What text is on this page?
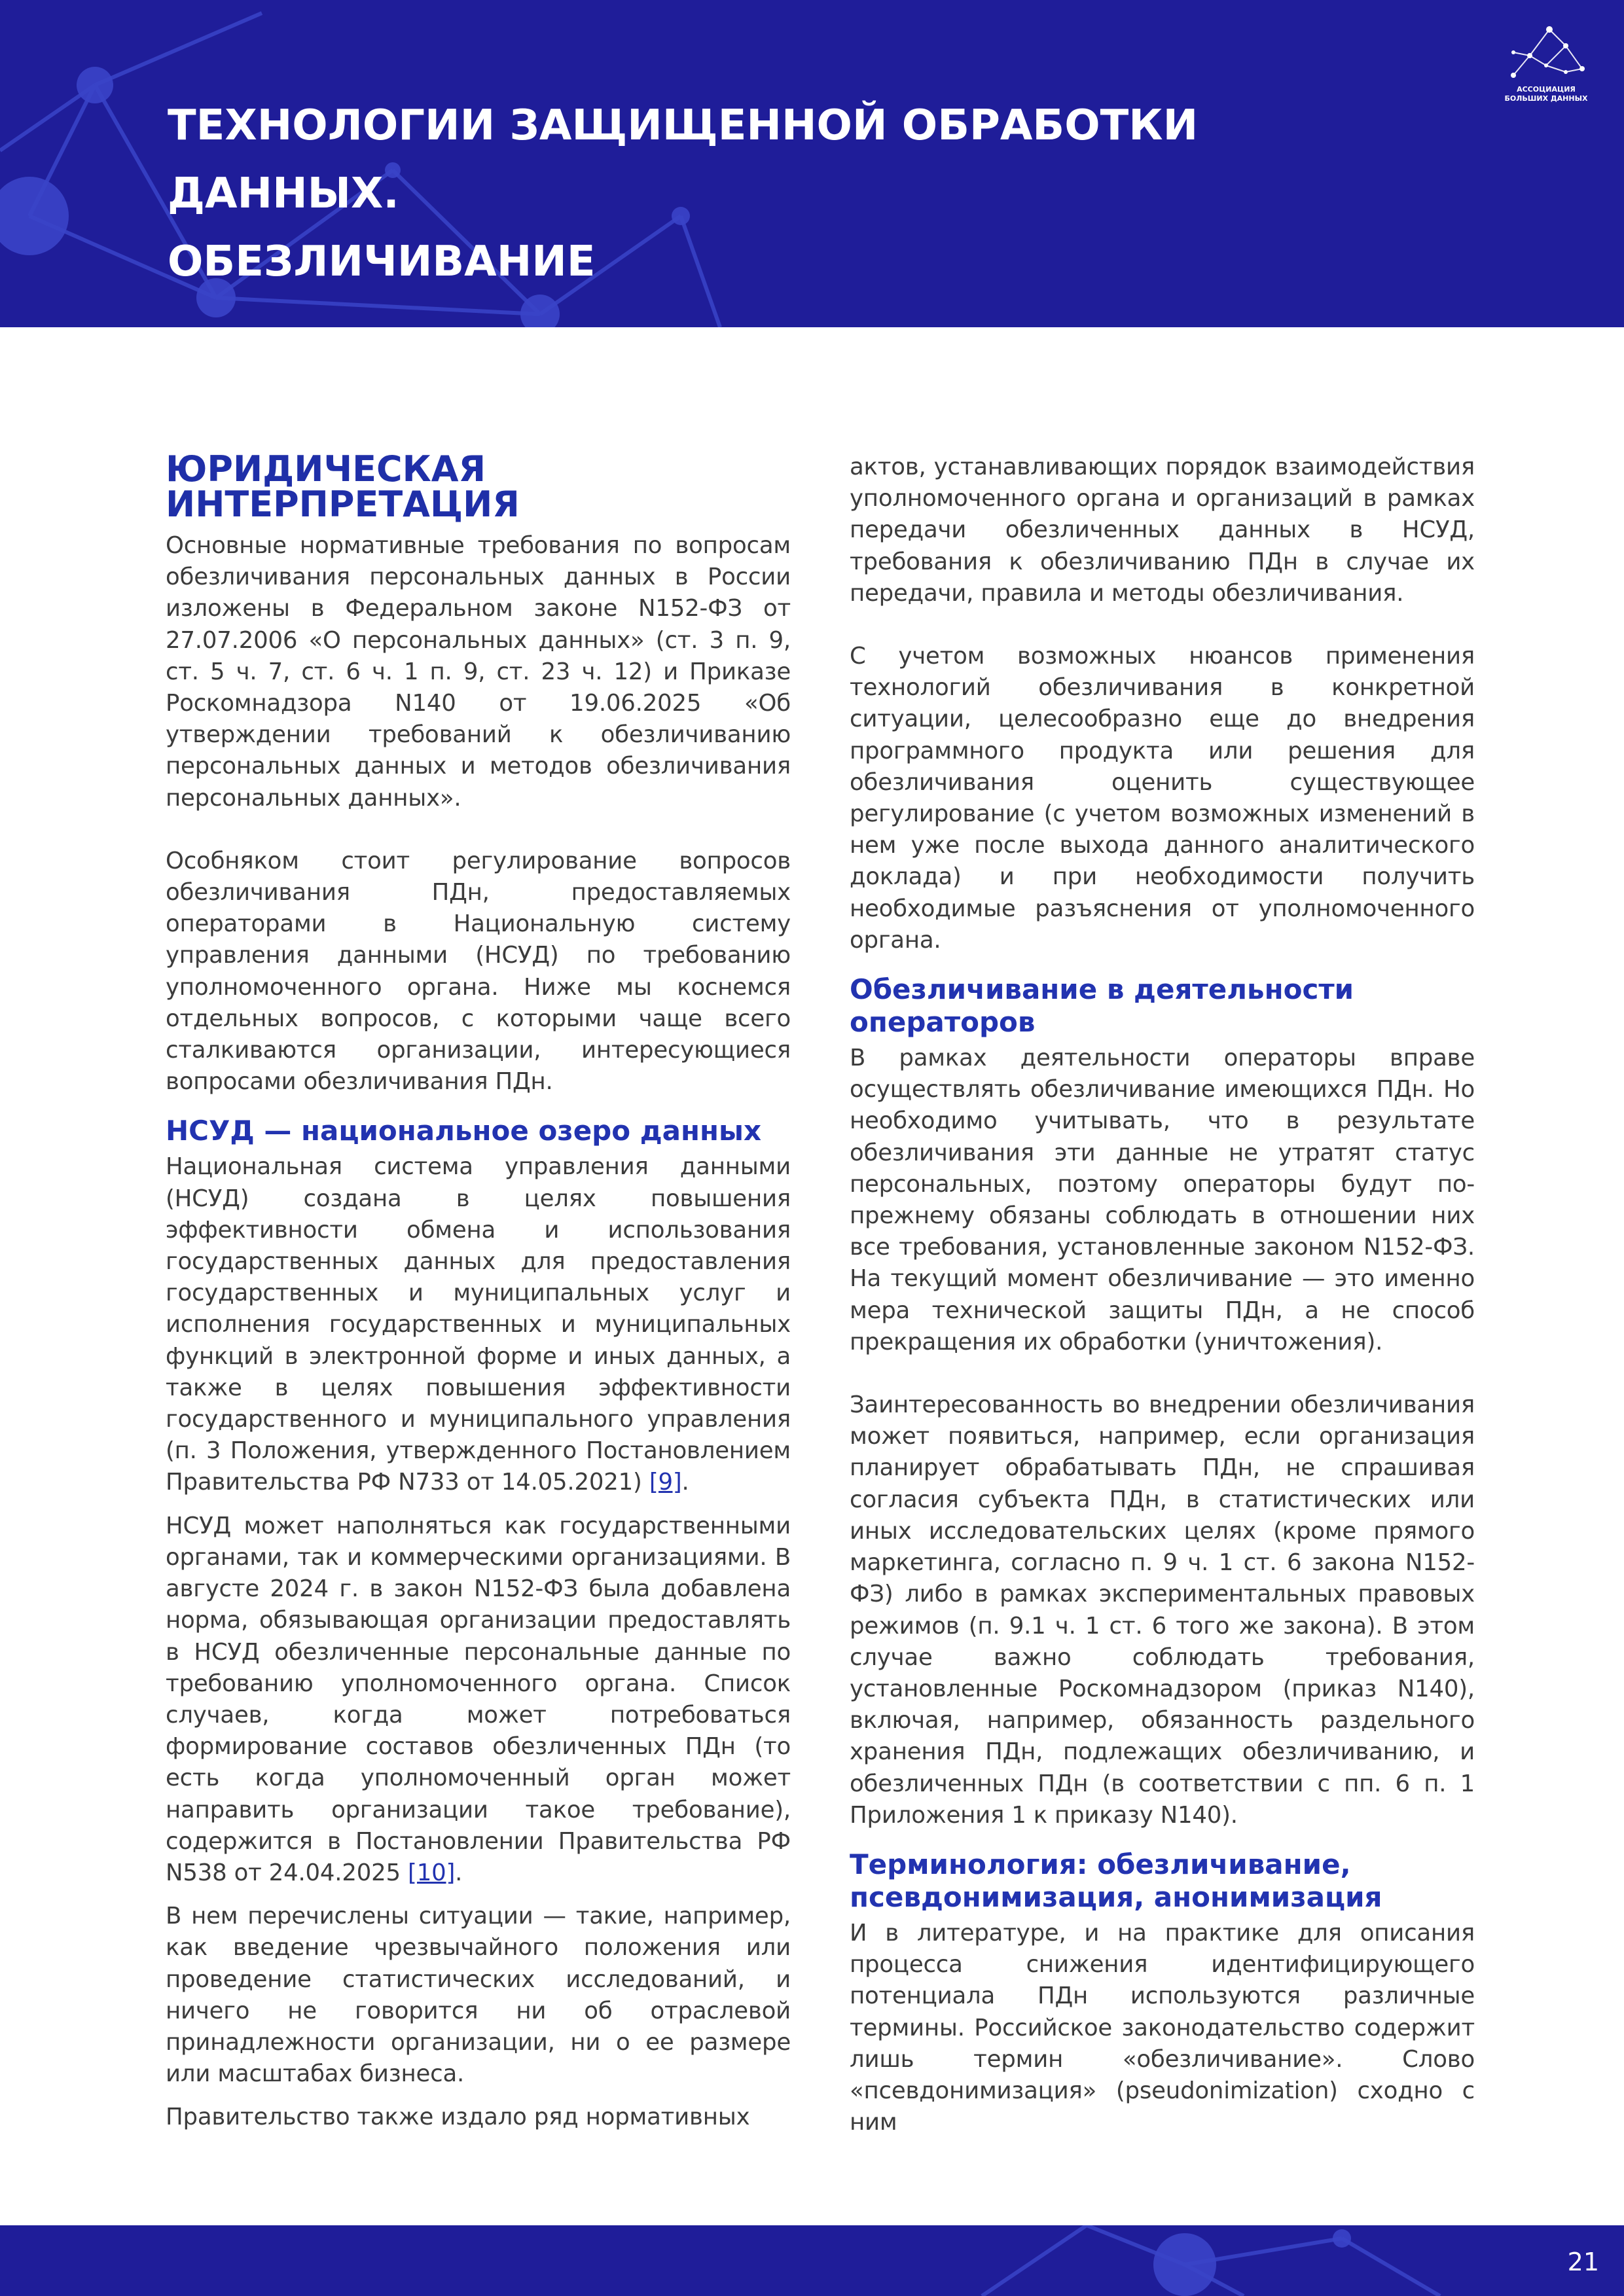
ТЕХНОЛОГИИ ЗАЩИЩЕННОЙ ОБРАБОТКИ ДАННЫХ.
ОБЕЗЛИЧИВАНИЕ
АССОЦИАЦИЯ
БОЛЬШИХ ДАННЫХ
ЮРИДИЧЕСКАЯ
ИНТЕРПРЕТАЦИЯ

Основные нормативные требования по вопросам обезличивания персональных данных в России изложены в Федеральном законе N152-ФЗ от 27.07.2006 «О персональных данных» (ст. 3 п. 9, ст. 5 ч. 7, ст. 6 ч. 1 п. 9, ст. 23 ч. 12) и Приказе Роскомнадзора N140 от 19.06.2025 «Об утверждении требований к обезличиванию персональных данных и методов обезличивания персональных данных».

Особняком стоит регулирование вопросов обезличивания ПДн, предоставляемых операторами в Национальную систему управления данными (НСУД) по требованию уполномоченного органа. Ниже мы коснемся отдельных вопросов, с которыми чаще всего сталкиваются организации, интересующиеся вопросами обезличивания ПДн.

НСУД — национальное озеро данных

Национальная система управления данными (НСУД) создана в целях повышения эффективности обмена и использования государственных данных для предоставления государственных и муниципальных услуг и исполнения государственных и муниципальных функций в электронной форме и иных данных, а также в целях повышения эффективности государственного и муниципального управления (п. 3 Положения, утвержденного Постановлением Правительства РФ N733 от 14.05.2021) [9].

НСУД может наполняться как государственными органами, так и коммерческими организациями. В августе 2024 г. в закон N152-ФЗ была добавлена норма, обязывающая организации предоставлять в НСУД обезличенные персональные данные по требованию уполномоченного органа. Список случаев, когда может потребоваться формирование составов обезличенных ПДн (то есть когда уполномоченный орган может направить организации такое требование), содержится в Постановлении Правительства РФ N538 от 24.04.2025 [10].

В нем перечислены ситуации — такие, например, как введение чрезвычайного положения или проведение статистических исследований, и ничего не говорится ни об отраслевой принадлежности организации, ни о ее размере или масштабах бизнеса.

Правительство также издало ряд нормативных

актов, устанавливающих порядок взаимодействия уполномоченного органа и организаций в рамках передачи обезличенных данных в НСУД, требования к обезличиванию ПДн в случае их передачи, правила и методы обезличивания.

С учетом возможных нюансов применения технологий обезличивания в конкретной ситуации, целесообразно еще до внедрения программного продукта или решения для обезличивания оценить существующее регулирование (с учетом возможных изменений в нем уже после выхода данного аналитического доклада) и при необходимости получить необходимые разъяснения от уполномоченного органа.

Обезличивание в деятельности
операторов

В рамках деятельности операторы вправе осуществлять обезличивание имеющихся ПДн. Но необходимо учитывать, что в результате обезличивания эти данные не утратят статус персональных, поэтому операторы будут по-прежнему обязаны соблюдать в отношении них все требования, установленные законом N152-ФЗ. На текущий момент обезличивание — это именно мера технической защиты ПДн, а не способ прекращения их обработки (уничтожения).

Заинтересованность во внедрении обезличивания может появиться, например, если организация планирует обрабатывать ПДн, не спрашивая согласия субъекта ПДн, в статистических или иных исследовательских целях (кроме прямого маркетинга, согласно п. 9 ч. 1 ст. 6 закона N152-ФЗ) либо в рамках экспериментальных правовых режимов (п. 9.1 ч. 1 ст. 6 того же закона). В этом случае важно соблюдать требования, установленные Роскомнадзором (приказ N140), включая, например, обязанность раздельного хранения ПДн, подлежащих обезличиванию, и обезличенных ПДн (в соответствии с пп. 6 п. 1 Приложения 1 к приказу N140).

Терминология: обезличивание,
псевдонимизация, анонимизация

И в литературе, и на практике для описания процесса снижения идентифицирующего потенциала ПДн используются различные термины. Российское законодательство содержит лишь термин «обезличивание». Слово «псевдонимизация» (pseudonimization) сходно с ним

21
